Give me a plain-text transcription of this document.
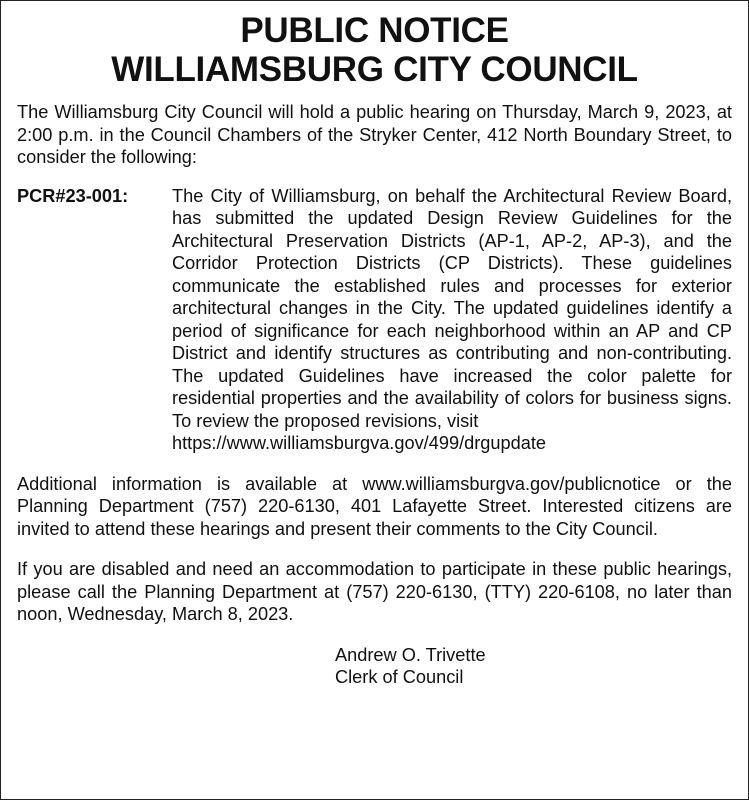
PUBLIC NOTICE
WILLIAMSBURG CITY COUNCIL

The Williamsburg City Council will hold a public hearing on Thursday, March 9, 2023, at 2:00 p.m. in the Council Chambers of the Stryker Center, 412 North Boundary Street, to consider the following:

PCR#23-001:	The City of Williamsburg, on behalf the Architectural Review Board, has submitted the updated Design Review Guidelines for the Architectural Preservation Districts (AP-1, AP-2, AP-3), and the Corridor Protection Districts (CP Districts). These guidelines communicate the established rules and processes for exterior architectural changes in the City. The updated guidelines identify a period of significance for each neighborhood within an AP and CP District and identify structures as contributing and non-contributing. The updated Guidelines have increased the color palette for residential properties and the availability of colors for business signs. To review the proposed revisions, visit

https://www.williamsburgva.gov/499/drgupdate

Additional information is available at www.williamsburgva.gov/publicnotice or the Planning Department (757) 220-6130, 401 Lafayette Street. Interested citizens are invited to attend these hearings and present their comments to the City Council.

If you are disabled and need an accommodation to participate in these public hearings, please call the Planning Department at (757) 220-6130, (TTY) 220-6108, no later than noon, Wednesday, March 8, 2023.

Andrew O. Trivette
Clerk of Council
